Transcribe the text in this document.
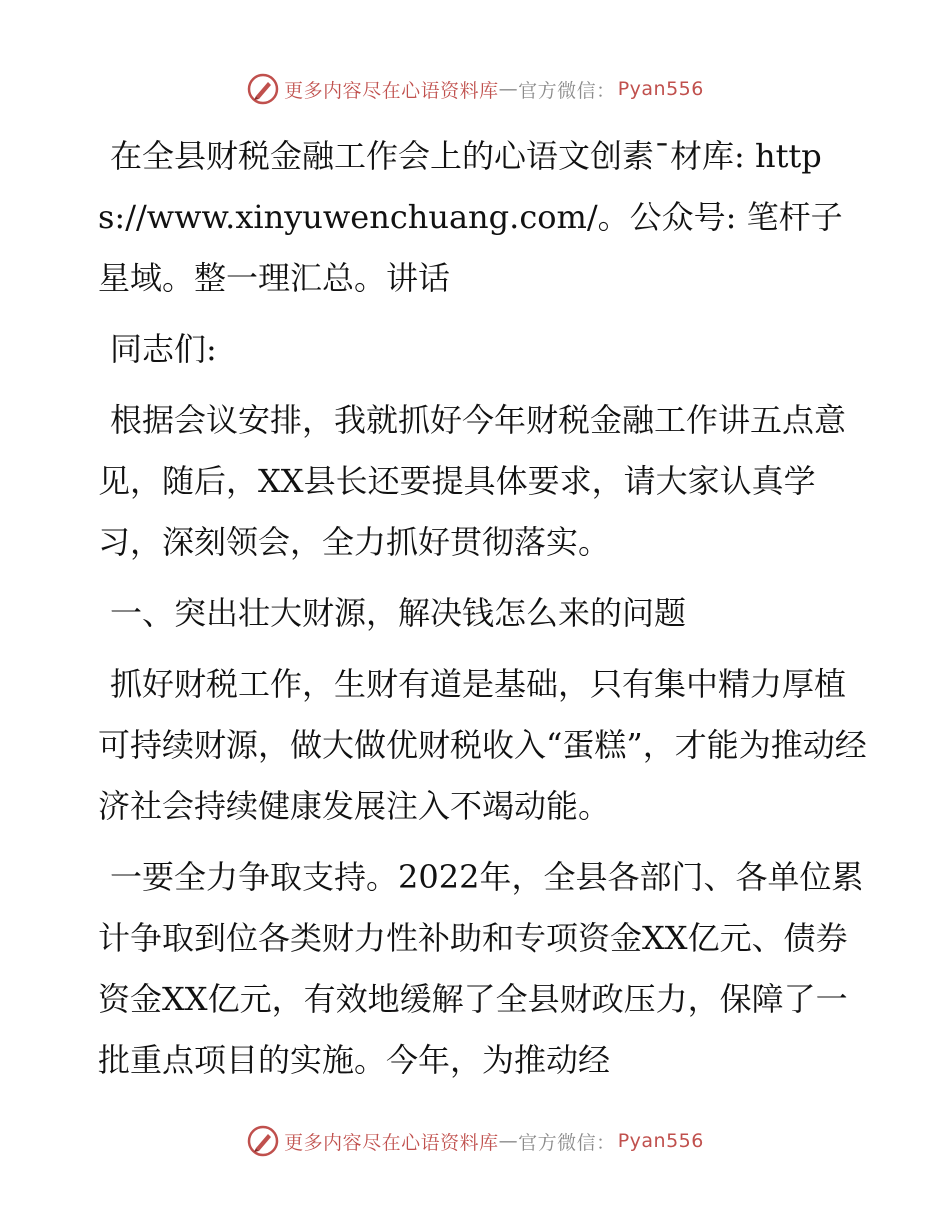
更多内容尽在心语资料库 — 官方微信： Pyan556

在全县财税金融工作会上的心语文创素¯材库: https://www.xinyuwenchuang.com/。公众号: 笔杆子星域。整一理汇总。讲话

同志们:

根据会议安排，我就抓好今年财税金融工作讲五点意见，随后，XX县长还要提具体要求，请大家认真学习，深刻领会，全力抓好贯彻落实。

一、突出壮大财源，解决钱怎么来的问题

抓好财税工作，生财有道是基础，只有集中精力厚植可持续财源，做大做优财税收入“蛋糕”，才能为推动经济社会持续健康发展注入不竭动能。

一要全力争取支持。2022年，全县各部门、各单位累计争取到位各类财力性补助和专项资金XX亿元、债券资金XX亿元，有效地缓解了全县财政压力，保障了一批重点项目的实施。今年，为推动经

更多内容尽在心语资料库 — 官方微信： Pyan556
